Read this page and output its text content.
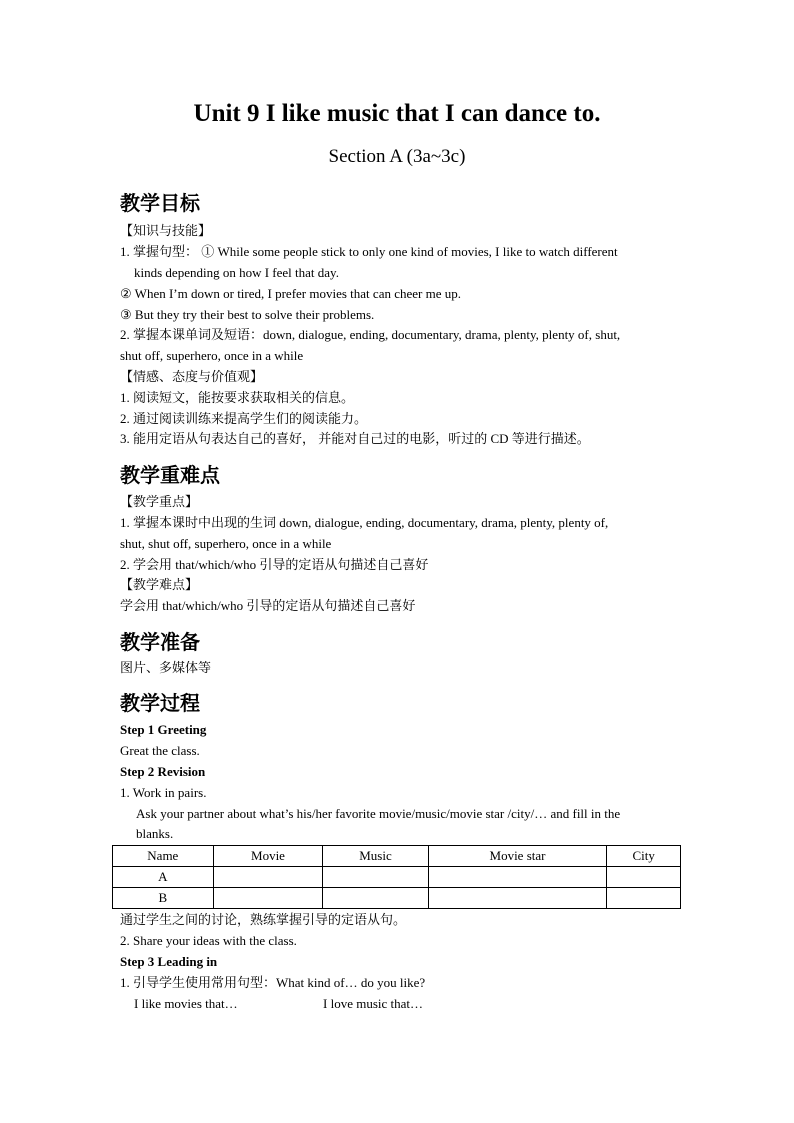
Unit 9 I like music that I can dance to.
Section A (3a~3c)
教学目标
【知识与技能】
1. 掌握句型： ① While some people stick to only one kind of movies, I like to watch different
kinds depending on how I feel that day.
② When I’m down or tired, I prefer movies that can cheer me up.
③ But they try their best to solve their problems.
2. 掌握本课单词及短语：down, dialogue, ending, documentary, drama, plenty, plenty of, shut,
shut off, superhero, once in a while
【情感、态度与价值观】
1. 阅读短文，能按要求获取相关的信息。
2. 通过阅读训练来提高学生们的阅读能力。
3. 能用定语从句表达自己的喜好， 并能对自己过的电影，听过的 CD 等进行描述。
教学重难点
【教学重点】
1. 掌握本课时中出现的生词 down, dialogue, ending, documentary, drama, plenty, plenty of,
shut, shut off, superhero, once in a while
2. 学会用 that/which/who 引导的定语从句描述自己喜好
【教学难点】
学会用 that/which/who 引导的定语从句描述自己喜好
教学准备
图片、多媒体等
教学过程
Step 1 Greeting
Great the class.
Step 2 Revision
1. Work in pairs.
Ask your partner about what’s his/her favorite movie/music/movie star /city/… and fill in the
blanks.
Name	Movie	Music	Movie star	City
A				
B				
通过学生之间的讨论，熟练掌握引导的定语从句。
2. Share your ideas with the class.
Step 3 Leading in
1. 引导学生使用常用句型：What kind of… do you like?
I like movies that…	I love music that…
